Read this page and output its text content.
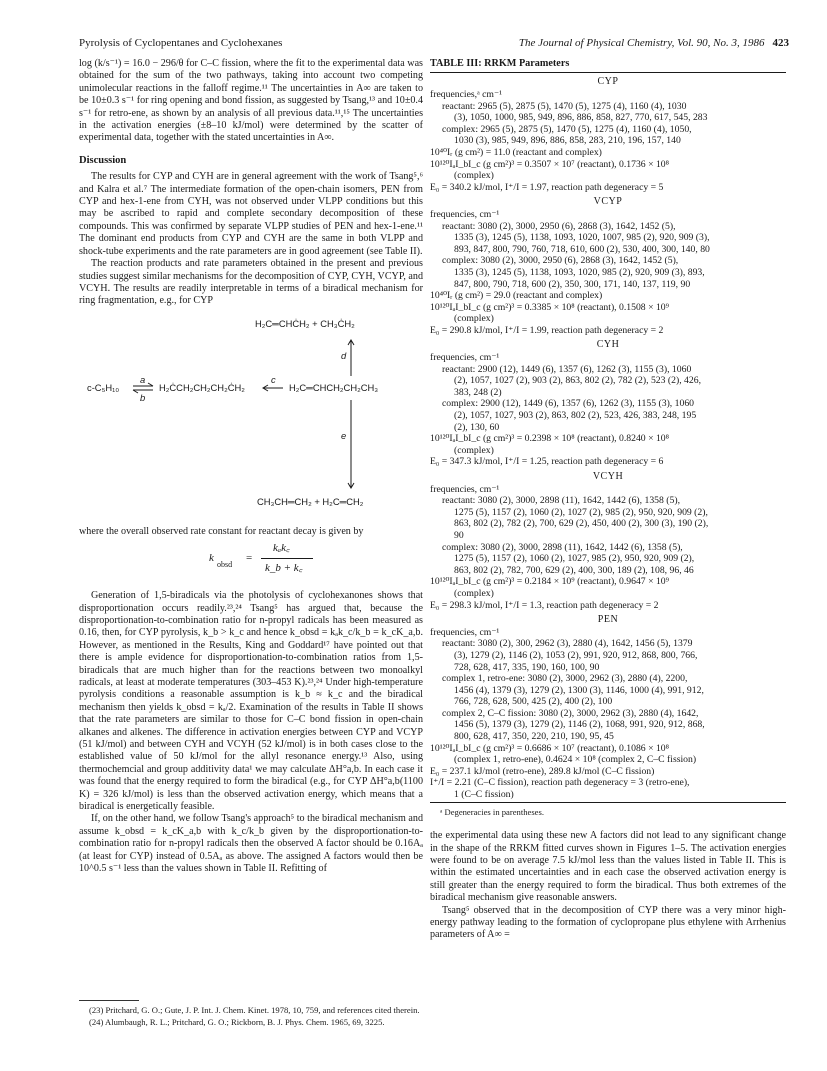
Pyrolysis of Cyclopentanes and Cyclohexanes	The Journal of Physical Chemistry, Vol. 90, No. 3, 1986 423

log (k/s⁻¹) = 16.0 − 296/θ for C–C fission, where the fit to the experimental data was obtained for the sum of the two pathways, taking into account two competing unimolecular reactions in the falloff regime.¹¹ The uncertainties in A∞ are taken to be 10±0.3 s⁻¹ for ring opening and bond fission, as suggested by Tsang,¹³ and 10±0.4 s⁻¹ for retro-ene, as shown by an analysis of all previous data.¹¹,¹⁵ The uncertainties in the activation energies (±8–10 kJ/mol) were determined by the scatter of experimental data, together with the stated uncertainties in A∞.

Discussion

The results for CYP and CYH are in general agreement with the work of Tsang⁵,⁶ and Kalra et al.⁷ The intermediate formation of the open-chain isomers, PEN from CYP and hex-1-ene from CYH, was not observed under VLPP conditions but this may be ascribed to rapid and complete secondary decomposition of these compounds. This was confirmed by separate VLPP studies of PEN and hex-1-ene.¹¹ The dominant end products from CYP and CYH are the same in both VLPP and shock-tube experiments and the rate parameters are in good agreement (see Table II).

The reaction products and rate parameters obtained in the present and previous studies suggest similar mechanisms for the decomposition of CYP, CYH, VCYP, and VCYH. The results are readily interpretable in terms of a biradical mechanism for ring fragmentation, e.g., for CYP

H₂C═CHĊH₂ + CH₃ĊH₂
d
c-C₅H₁₀
a
b
H₂ĊCH₂CH₂CH₂ĊH₂
c
H₂C═CHCH₂CH₂CH₃
e
CH₃CH═CH₂ + H₂C═CH₂

where the overall observed rate constant for reactant decay is given by

k
obsd
=
kₐk꜀
k_b + k꜀

Generation of 1,5-biradicals via the photolysis of cyclohexanones shows that disproportionation occurs readily.²³,²⁴ Tsang⁵ has argued that, because the disproportionation-to-combination ratio for n-propyl radicals has been measured as 0.16, then, for CYP pyrolysis, k_b > k_c and hence k_obsd = kₐk_c/k_b = k_cK_a,b. However, as mentioned in the Results, King and Goddard¹⁷ have pointed out that there is ample evidence for disproportionation-to-combination ratios from 1,5-biradicals that are much higher than for the reactions between two monoalkyl radicals, at least at moderate temperatures (303–453 K).²³,²⁴ Under high-temperature pyrolysis conditions a reasonable assumption is k_b ≈ k_c and the biradical mechanism then yields k_obsd = kₐ/2. Examination of the results in Table II shows that the rate parameters are similar to those for C–C bond fission in open-chain alkanes and alkenes. The difference in activation energies between CYP and VCYP (51 kJ/mol) and between CYH and VCYH (52 kJ/mol) is in both cases close to the established value of 50 kJ/mol for the allyl resonance energy.¹³ Also, using thermochemcial and group additivity data¹ we may calculate ΔH°a,b. In each case it was found that the energy required to form the biradical (e.g., for CYP ΔH°a,b(1100 K) = 326 kJ/mol) is less than the observed activation energy, which means that a biradical is energetically feasible.

If, on the other hand, we follow Tsang's approach⁵ to the biradical mechanism and assume k_obsd = k_cK_a,b with k_c/k_b given by the disproportionation-to-combination ratio for n-propyl radicals then the observed A factor should be 0.16Aₐ (at least for CYP) instead of 0.5Aₐ as above. The assigned A factors would then be 10^0.5 s⁻¹ less than the values shown in Table II. Refitting of

(23) Pritchard, G. O.; Gute, J. P. Int. J. Chem. Kinet. 1978, 10, 759, and references cited therein.

(24) Alumbaugh, R. L.; Pritchard, G. O.; Rickborn, B. J. Phys. Chem. 1965, 69, 3225.

TABLE III: RRKM Parameters
CYP
frequencies,ᵃ cm⁻¹
reactant: 2965 (5), 2875 (5), 1470 (5), 1275 (4), 1160 (4), 1030
(3), 1050, 1000, 985, 949, 896, 886, 858, 827, 770, 617, 545, 283
complex: 2965 (5), 2875 (5), 1470 (5), 1275 (4), 1160 (4), 1050,
1030 (3), 985, 949, 896, 886, 858, 283, 210, 196, 157, 140
10⁴⁰Iᵣ (g cm²) = 11.0 (reactant and complex)
10¹²⁰IₐI_bI_c (g cm²)³ = 0.3507 × 10⁷ (reactant), 0.1736 × 10⁸
(complex)
E₀ = 340.2 kJ/mol, I⁺/I = 1.97, reaction path degeneracy = 5
VCYP
frequencies, cm⁻¹
reactant: 3080 (2), 3000, 2950 (6), 2868 (3), 1642, 1452 (5),
1335 (3), 1245 (5), 1138, 1093, 1020, 1007, 985 (2), 920, 909 (3),
893, 847, 800, 790, 760, 718, 610, 600 (2), 530, 400, 300, 140, 80
complex: 3080 (2), 3000, 2950 (6), 2868 (3), 1642, 1452 (5),
1335 (3), 1245 (5), 1138, 1093, 1020, 985 (2), 920, 909 (3), 893,
847, 800, 790, 718, 600 (2), 350, 300, 171, 140, 137, 119, 90
10⁴⁰Iᵣ (g cm²) = 29.0 (reactant and complex)
10¹²⁰IₐI_bI_c (g cm²)³ = 0.3385 × 10⁸ (reactant), 0.1508 × 10⁹
(complex)
E₀ = 290.8 kJ/mol, I⁺/I = 1.99, reaction path degeneracy = 2
CYH
frequencies, cm⁻¹
reactant: 2900 (12), 1449 (6), 1357 (6), 1262 (3), 1155 (3), 1060
(2), 1057, 1027 (2), 903 (2), 863, 802 (2), 782 (2), 523 (2), 426,
383, 248 (2)
complex: 2900 (12), 1449 (6), 1357 (6), 1262 (3), 1155 (3), 1060
(2), 1057, 1027, 903 (2), 863, 802 (2), 523, 426, 383, 248, 195
(2), 130, 60
10¹²⁰IₐI_bI_c (g cm²)³ = 0.2398 × 10⁸ (reactant), 0.8240 × 10⁸
(complex)
E₀ = 347.3 kJ/mol, I⁺/I = 1.25, reaction path degeneracy = 6
VCYH
frequencies, cm⁻¹
reactant: 3080 (2), 3000, 2898 (11), 1642, 1442 (6), 1358 (5),
1275 (5), 1157 (2), 1060 (2), 1027 (2), 985 (2), 950, 920, 909 (2),
863, 802 (2), 782 (2), 700, 629 (2), 450, 400 (2), 300 (3), 190 (2),
90
complex: 3080 (2), 3000, 2898 (11), 1642, 1442 (6), 1358 (5),
1275 (5), 1157 (2), 1060 (2), 1027, 985 (2), 950, 920, 909 (2),
863, 802 (2), 782, 700, 629 (2), 400, 300, 189 (2), 108, 96, 46
10¹²⁰IₐI_bI_c (g cm²)³ = 0.2184 × 10⁹ (reactant), 0.9647 × 10⁹
(complex)
E₀ = 298.3 kJ/mol, I⁺/I = 1.3, reaction path degeneracy = 2
PEN
frequencies, cm⁻¹
reactant: 3080 (2), 300, 2962 (3), 2880 (4), 1642, 1456 (5), 1379
(3), 1279 (2), 1146 (2), 1053 (2), 991, 920, 912, 868, 800, 766,
728, 628, 417, 335, 190, 160, 100, 90
complex 1, retro-ene: 3080 (2), 3000, 2962 (3), 2880 (4), 2200,
1456 (4), 1379 (3), 1279 (2), 1300 (3), 1146, 1000 (4), 991, 912,
766, 728, 628, 500, 425 (2), 400 (2), 100
complex 2, C–C fission: 3080 (2), 3000, 2962 (3), 2880 (4), 1642,
1456 (5), 1379 (3), 1279 (2), 1146 (2), 1068, 991, 920, 912, 868,
800, 628, 417, 350, 220, 210, 190, 95, 45
10¹²⁰IₐI_bI_c (g cm²)³ = 0.6686 × 10⁷ (reactant), 0.1086 × 10⁸
(complex 1, retro-ene), 0.4624 × 10⁸ (complex 2, C–C fission)
E₀ = 237.1 kJ/mol (retro-ene), 289.8 kJ/mol (C–C fission)
I⁺/I = 2.21 (C–C fission), reaction path degeneracy = 3 (retro-ene),
1 (C–C fission)
ᵃ Degeneracies in parentheses.

the experimental data using these new A factors did not lead to any significant change in the shape of the RRKM fitted curves shown in Figures 1–5. The activation energies were found to be on average 7.5 kJ/mol less than the values listed in Table II. This is within the estimated uncertainties and in each case the observed activation energy is still greater than the energy required to form the biradical. Thus both extremes of the biradical mechanism give reasonable answers.

Tsang⁵ observed that in the decomposition of CYP there was a very minor high-energy pathway leading to the formation of cyclopropane plus ethylene with Arrhenius parameters of A∞ =
